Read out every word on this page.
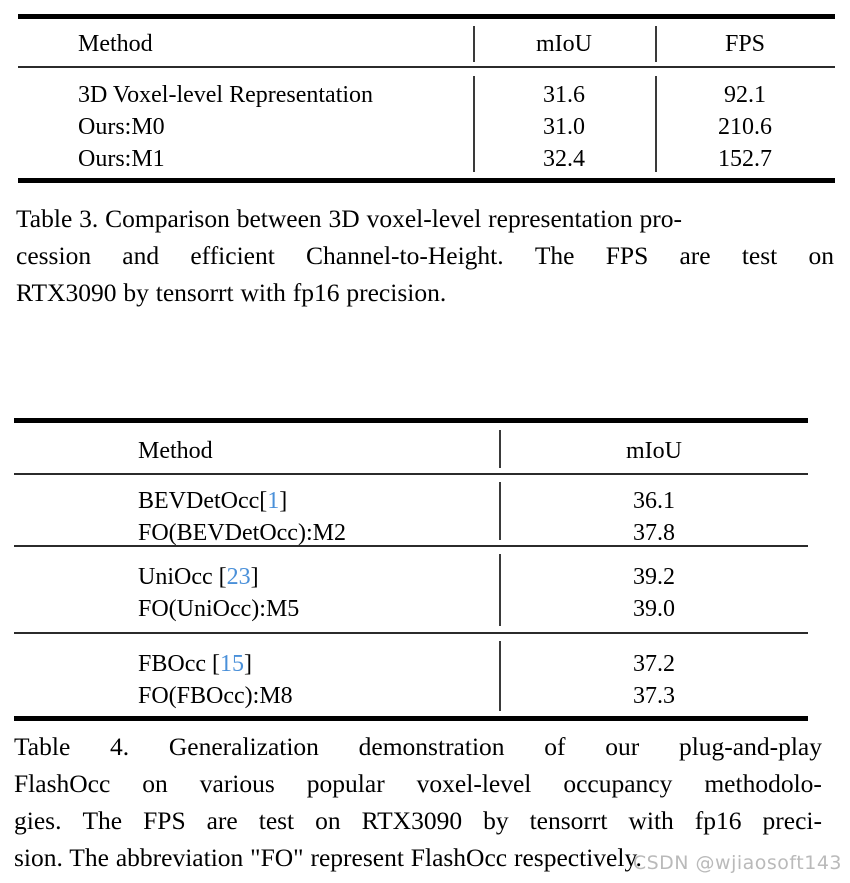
Method	mIoU	FPS
3D Voxel-level Representation	31.6	92.1
Ours:M0	31.0	210.6
Ours:M1	32.4	152.7
Table 3. Comparison between 3D voxel-level representation pro-
cession and efficient Channel-to-Height. The FPS are test on
RTX3090 by tensorrt with fp16 precision.
Method	mIoU
BEVDetOcc[1]	36.1
FO(BEVDetOcc):M2	37.8
UniOcc [23]	39.2
FO(UniOcc):M5	39.0
FBOcc [15]	37.2
FO(FBOcc):M8	37.3
Table 4. Generalization demonstration of our plug-and-play
FlashOcc on various popular voxel-level occupancy methodolo-
gies. The FPS are test on RTX3090 by tensorrt with fp16 preci-
sion. The abbreviation "FO" represent FlashOcc respectively.
CSDN @wjiaosoft143
